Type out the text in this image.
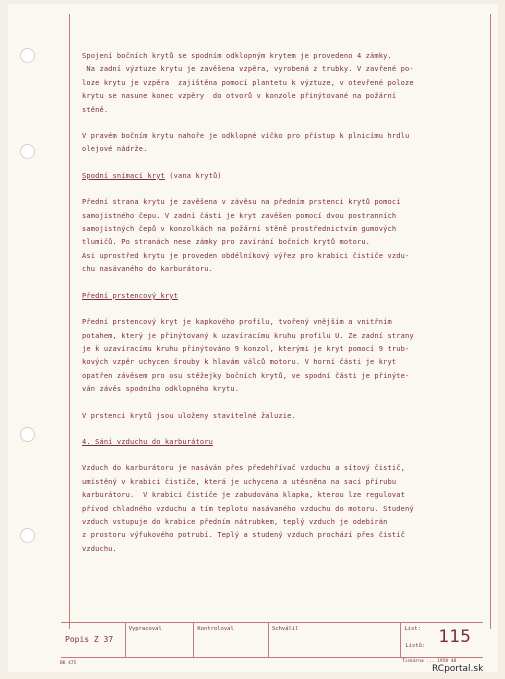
Spojení bočních krytů se spodním odklopným krytem je provedeno 4 zámky.

Na zadní výztuze krytu je zavěšena vzpěra, vyrobená z trubky. V zavřené po-

loze krytu je vzpěra  zajištěna pomocí plantetu k výztuze, v otevřené poloze

krytu se nasune konec vzpěry  do otvorů v konzole přinýtované na požární

stěně.

V pravém bočním krytu nahoře je odklopné víčko pro přístup k plnicímu hrdlu

olejové nádrže.

Spodní snímací kryt (vana krytů)

Přední strana krytu je zavěšena v závěsu na předním prstenci krytů pomocí

samojistného čepu. V zadní části je kryt zavěšen pomocí dvou postranních

samojistných čepů v konzolkách na požární stěně prostřednictvím gumových

tlumičů. Po stranách nese zámky pro zavírání bočních krytů motoru.

Asi uprostřed krytu je proveden obdélníkový výřez pro krabici čističe vzdu-

chu nasávaného do karburátoru.

Přední prstencový kryt

Přední prstencový kryt je kapkového profilu, tvořený vnějším a vnitřním

potahem, který je přinýtovaný k uzavíracímu kruhu profilu U. Ze zadní strany

je k uzavíracímu kruhu přinýtováno 9 konzol, kterými je kryt pomocí 9 trub-

kových vzpěr uchycen šrouby k hlavám válců motoru. V horní části je kryt

opatřen závěsem pro osu stěžejky bočních krytů, ve spodní části je přinýte-

ván závěs spodního odklopného krytu.

V prstenci krytů jsou uloženy stavitelné žaluzie.

4. Sání vzduchu do karburátoru

Vzduch do karburátoru je nasáván přes předehřívač vzduchu a sítový čistič,

umístěný v krabici čističe, která je uchycena a utěsněna na sací přírubu

karburátoru.  V krabici čističe je zabudována klapka, kterou lze regulovat

přívod chladného vzduchu a tím teplotu nasávaného vzduchu do motoru. Studený

vzduch vstupuje do krabice předním nátrubkem, teplý vzduch je odebírán

z prostoru výfukového potrubí. Teplý a studený vzduch prochází přes čistič

vzduchu.

Popis Z 37
Vypracoval	Kontroloval	Schválil	List:
Listů: 115
BK 475	Tiskárna ... 1958 48
RCportal.sk
